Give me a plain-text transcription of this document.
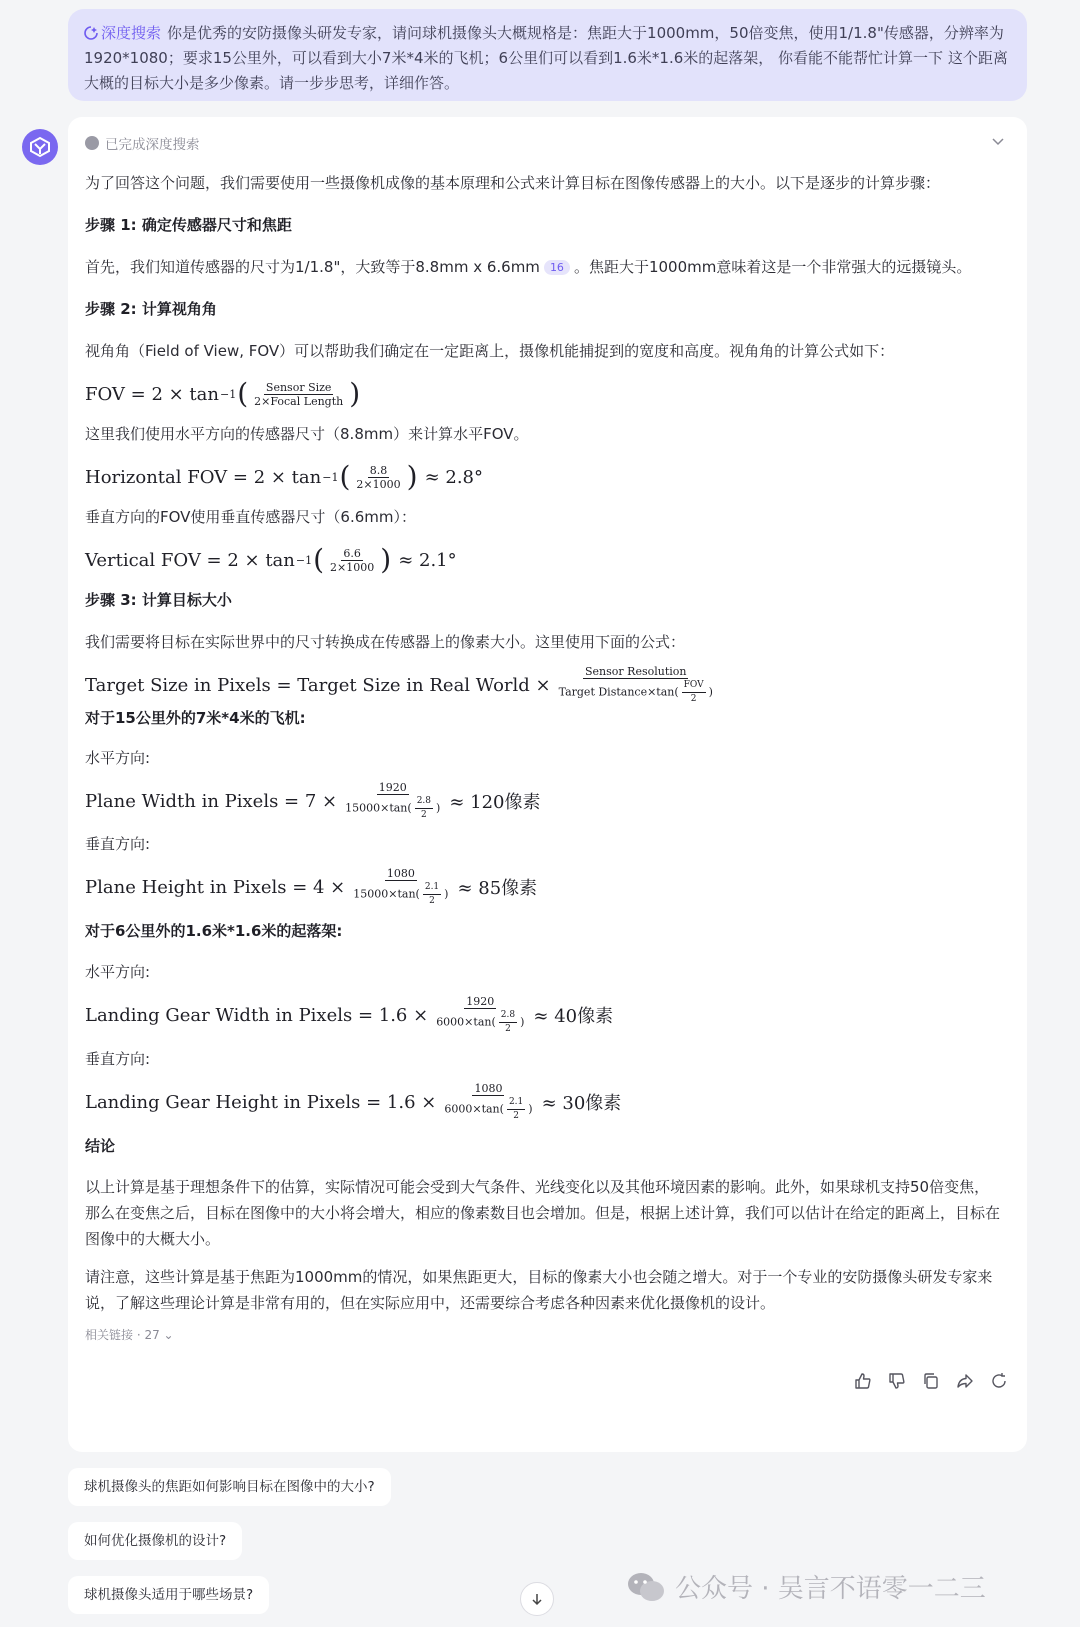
深度搜索 你是优秀的安防摄像头研发专家，请问球机摄像头大概规格是：焦距大于1000mm，50倍变焦，使用1/1.8"传感器，分辨率为1920*1080；要求15公里外，可以看到大小7米*4米的飞机；6公里们可以看到1.6米*1.6米的起落架， 你看能不能帮忙计算一下 这个距离大概的目标大小是多少像素。请一步步思考，详细作答。
已完成深度搜索
为了回答这个问题，我们需要使用一些摄像机成像的基本原理和公式来计算目标在图像传感器上的大小。以下是逐步的计算步骤：
步骤 1: 确定传感器尺寸和焦距
首先，我们知道传感器的尺寸为1/1.8"，大致等于8.8mm x 6.6mm 16 。焦距大于1000mm意味着这是一个非常强大的远摄镜头。
步骤 2: 计算视角角
视角角（Field of View, FOV）可以帮助我们确定在一定距离上，摄像机能捕捉到的宽度和高度。视角角的计算公式如下：
FOV = 2 × tan −1 ( $\frac{\text{Sensor Size}}{\text{2×Focal Length}}$ )
这里我们使用水平方向的传感器尺寸（8.8mm）来计算水平FOV。
Horizontal FOV = 2 × tan −1 ( $\frac{8.8}{2\times 1000}$ ) ≈ 2.8°
垂直方向的FOV使用垂直传感器尺寸（6.6mm）：
Vertical FOV = 2 × tan −1 ( $\frac{6.6}{2\times 1000}$ ) ≈ 2.1°
步骤 3: 计算目标大小
我们需要将目标在实际世界中的尺寸转换成在传感器上的像素大小。这里使用下面的公式：
Target Size in Pixels = Target Size in Real World × $\frac{\text{Sensor Resolution}}{Target Distance\times\tan( \frac{\text{FOV}}{2} )}$
对于15公里外的7米*4米的飞机:
水平方向:
Plane Width in Pixels = $7 \times \frac{1920}{15000\times\tan( \frac{2.8}{2} )} \approx 120$像素
垂直方向:
Plane Height in Pixels = $4 \times \frac{1080}{15000\times\tan( \frac{2.1}{2} )} \approx 85$像素
对于6公里外的1.6米*1.6米的起落架:
水平方向:
Landing Gear Width in Pixels = $1.6 \times \frac{1920}{6000\times\tan( \frac{2.8}{2} )} \approx 40$像素
垂直方向:
Landing Gear Height in Pixels = $1.6 \times \frac{1080}{6000\times\tan( \frac{2.1}{2} )} \approx 30$像素
结论
以上计算是基于理想条件下的估算，实际情况可能会受到大气条件、光线变化以及其他环境因素的影响。此外，如果球机支持50倍变焦，那么在变焦之后，目标在图像中的大小将会增大，相应的像素数目也会增加。但是，根据上述计算，我们可以估计在给定的距离上，目标在图像中的大概大小。
请注意，这些计算是基于焦距为1000mm的情况，如果焦距更大，目标的像素大小也会随之增大。对于一个专业的安防摄像头研发专家来说，了解这些理论计算是非常有用的，但在实际应用中，还需要综合考虑各种因素来优化摄像机的设计。
相关链接 · 27 ⌄
球机摄像头的焦距如何影响目标在图像中的大小?
如何优化摄像机的设计?
球机摄像头适用于哪些场景?	公众号 · 吴言不语零一二三
